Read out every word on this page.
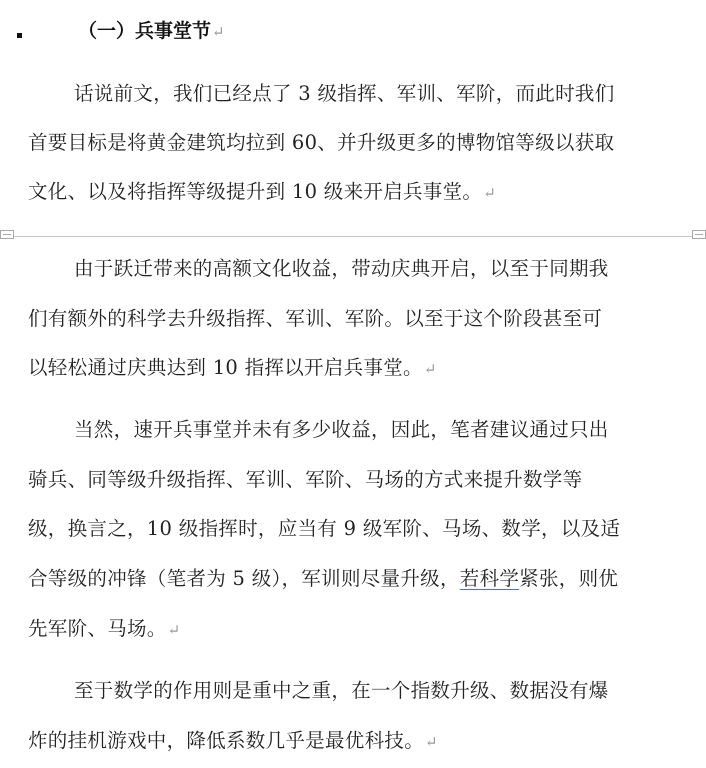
（一）兵事堂节↵
话说前文，我们已经点了 3 级指挥、军训、军阶，而此时我们
首要目标是将黄金建筑均拉到 60、并升级更多的博物馆等级以获取
文化、以及将指挥等级提升到 10 级来开启兵事堂。↵
由于跃迁带来的高额文化收益，带动庆典开启，以至于同期我
们有额外的科学去升级指挥、军训、军阶。以至于这个阶段甚至可
以轻松通过庆典达到 10 指挥以开启兵事堂。↵
当然，速开兵事堂并未有多少收益，因此，笔者建议通过只出
骑兵、同等级升级指挥、军训、军阶、马场的方式来提升数学等
级，换言之，10 级指挥时，应当有 9 级军阶、马场、数学，以及适
合等级的冲锋（笔者为 5 级），军训则尽量升级，若科学紧张，则优
先军阶、马场。↵
至于数学的作用则是重中之重，在一个指数升级、数据没有爆
炸的挂机游戏中，降低系数几乎是最优科技。↵
